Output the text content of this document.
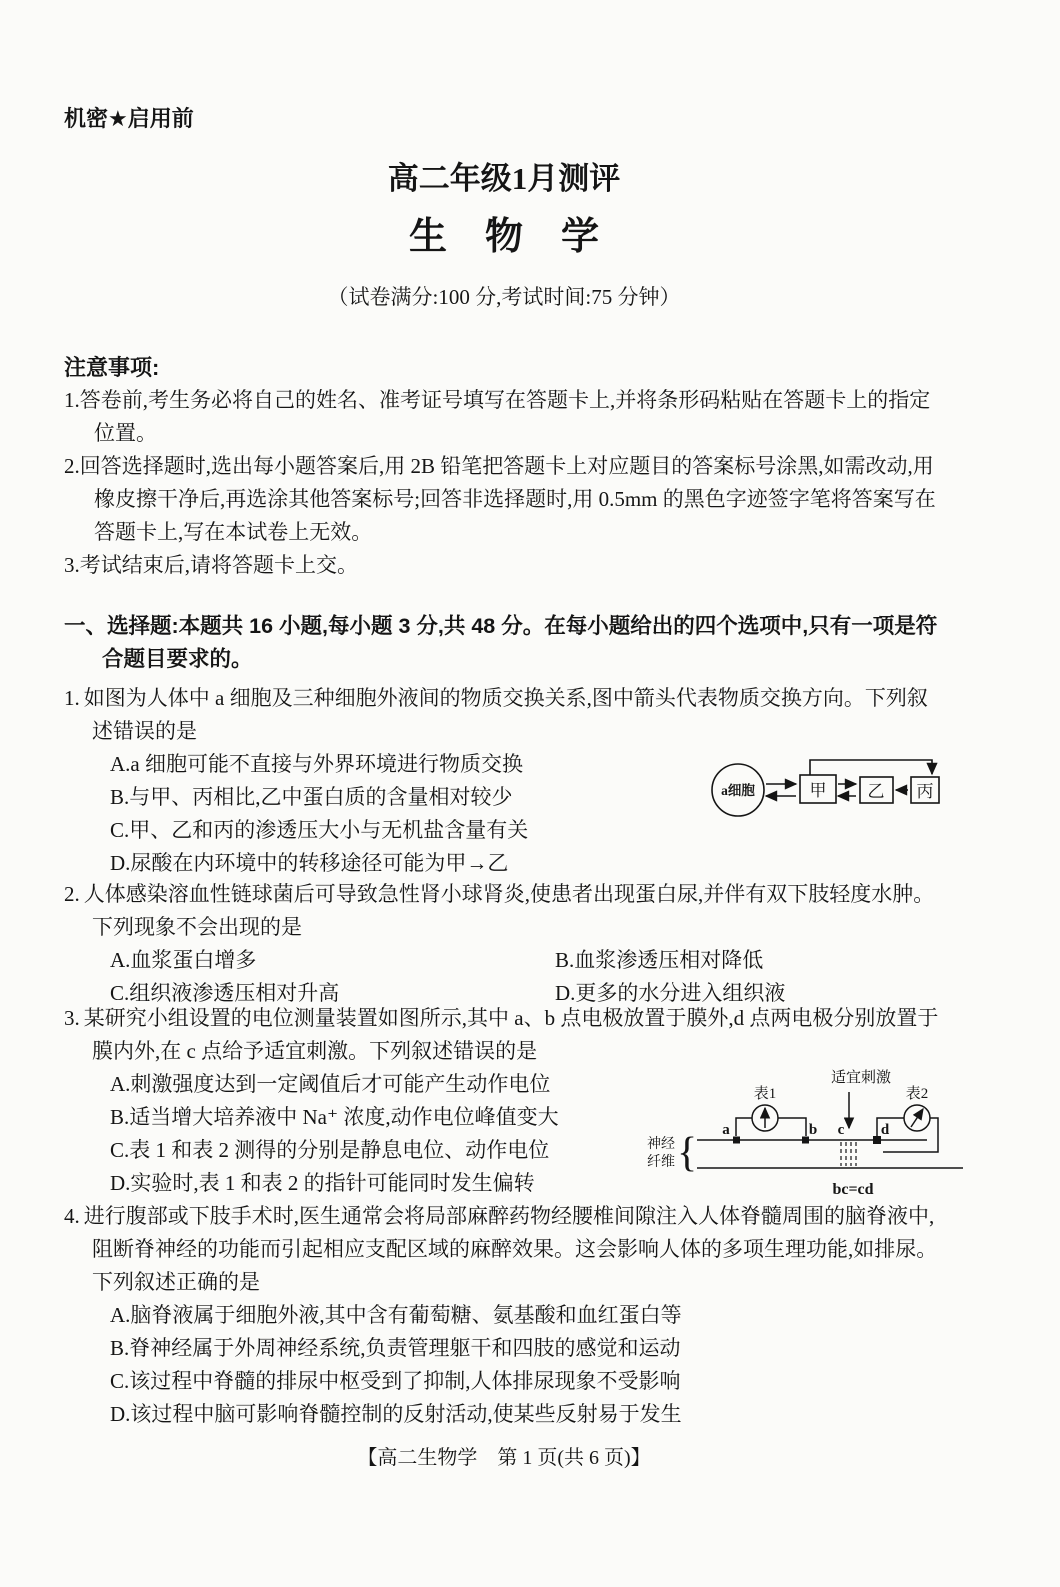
机密★启用前
高二年级1月测评
生　物　学
（试卷满分:100 分,考试时间:75 分钟）
注意事项:
1.答卷前,考生务必将自己的姓名、准考证号填写在答题卡上,并将条形码粘贴在答题卡上的指定位置。
2.回答选择题时,选出每小题答案后,用 2B 铅笔把答题卡上对应题目的答案标号涂黑,如需改动,用橡皮擦干净后,再选涂其他答案标号;回答非选择题时,用 0.5mm 的黑色字迹签字笔将答案写在答题卡上,写在本试卷上无效。
3.考试结束后,请将答题卡上交。
一、选择题:本题共 16 小题,每小题 3 分,共 48 分。在每小题给出的四个选项中,只有一项是符合题目要求的。
1. 如图为人体中 a 细胞及三种细胞外液间的物质交换关系,图中箭头代表物质交换方向。下列叙述错误的是
A.a 细胞可能不直接与外界环境进行物质交换
B.与甲、丙相比,乙中蛋白质的含量相对较少
C.甲、乙和丙的渗透压大小与无机盐含量有关
D.尿酸在内环境中的转移途径可能为甲→乙
a细胞	甲 乙 丙
2. 人体感染溶血性链球菌后可导致急性肾小球肾炎,使患者出现蛋白尿,并伴有双下肢轻度水肿。下列现象不会出现的是
A.血浆蛋白增多	B.血浆渗透压相对降低
C.组织液渗透压相对升高	D.更多的水分进入组织液
3. 某研究小组设置的电位测量装置如图所示,其中 a、b 点电极放置于膜外,d 点两电极分别放置于膜内外,在 c 点给予适宜刺激。下列叙述错误的是
A.刺激强度达到一定阈值后才可能产生动作电位
B.适当增大培养液中 Na⁺ 浓度,动作电位峰值变大
C.表 1 和表 2 测得的分别是静息电位、动作电位
D.实验时,表 1 和表 2 的指针可能同时发生偏转
神经
纤维 {
表1	表2
适宜刺激
a	b c d
bc=cd
4. 进行腹部或下肢手术时,医生通常会将局部麻醉药物经腰椎间隙注入人体脊髓周围的脑脊液中,阻断脊神经的功能而引起相应支配区域的麻醉效果。这会影响人体的多项生理功能,如排尿。下列叙述正确的是
A.脑脊液属于细胞外液,其中含有葡萄糖、氨基酸和血红蛋白等
B.脊神经属于外周神经系统,负责管理躯干和四肢的感觉和运动
C.该过程中脊髓的排尿中枢受到了抑制,人体排尿现象不受影响
D.该过程中脑可影响脊髓控制的反射活动,使某些反射易于发生
【高二生物学　第 1 页(共 6 页)】
